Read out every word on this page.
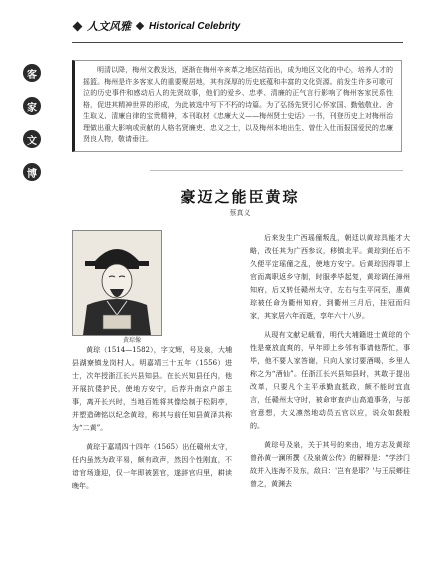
人文风雅 Historical Celebrity
客
家
文
博

明清以降，梅州文教发达，逐渐在梅州辛亥革之地区结而出，成为地区文化的中心，培养人才的摇篮。梅州是许多客家人的重要聚居地，其有深厚的历史底蕴和丰富的文化资源。前发生许多可歌可泣的历史事件和感动后人的先贤故事，他们的爱乡、忠孝、清廉的正气言行影响了梅州客家民系性格，促进其精神世界的形成，为此被选中写下不朽的诗篇。为了弘扬先贤引心怀家国、勤勉敬业、舍生取义、清廉自律的宝贵精神，本刊取材《忠廉大义——梅州贤士史话》一书，刊登历史上对梅州治理做出重大影响或贡献的人格名贤廉吏、忠义之士，以及梅州本地出生、曾仕入仕而报国爱民的忠廉贤良人物，敬请垂注。

豪迈之能臣黄琮
蔡真义
黄琮像

黄琮（1514—1582），字文辉，号及泉，大埔县湖寮镇龙岗村人。明嘉靖三十五年（1556）进士，次年授浙江长兴县知县。在长兴知县任内，他开展抗倭护民，使地方安宁，后荐升南京户部主事，离开长兴时，当地百姓将其像绘制于松阴亭，并塑造碑铭以纪念黄琮，称其与前任知县黄泽共称为“二黄”。

黄琮于嘉靖四十四年（1565）出任赣州太守，任内虽然为政平易，颇有政声，然因个性刚直，不谙官场逢迎，仅一年即被罢官，遂辞官归里，耕读晚年。

后来发生广西瑶僮叛乱，朝廷以黄琮具能才大略，改任其为广西参议，移镇北平。黄琮到任后不久便平定瑶僮之乱，使地方安宁。后黄琮因得罪上官而离职返乡守制，时服孝毕起复，黄琮调任漳州知府，后又转任赣州太守，左右与生平同至，惠黄琮被任命为衢州知府，到衢州三月后，挂冠而归家，其家居六年而逝，享年六十八岁。

从现有文献记载看，明代大埔籍进士黄琮的个性是豪放直爽的，早年即上乡邻有事请他帮忙，事毕，他不要人家答谢，只向人家讨要酒喝，乡里人称之为“酒仙”。任浙江长兴县知县时，其敢于提出改革，只要凡个主平承勤直抵政，颇不能时宜直言，任赣州太守时，被命审查庐山高道事务，与部官意想，大义凛然地动员五官以应，说众如鼓般的。

黄琮号及泉，关于其号的来由，地方志及黄琮曾孙黄一澜所撰《及泉黄公传》的解释是：“学涉门故并入连海不及东，敌曰：'岂有是耶？'与王辰鄉往曾之，黄渊去
